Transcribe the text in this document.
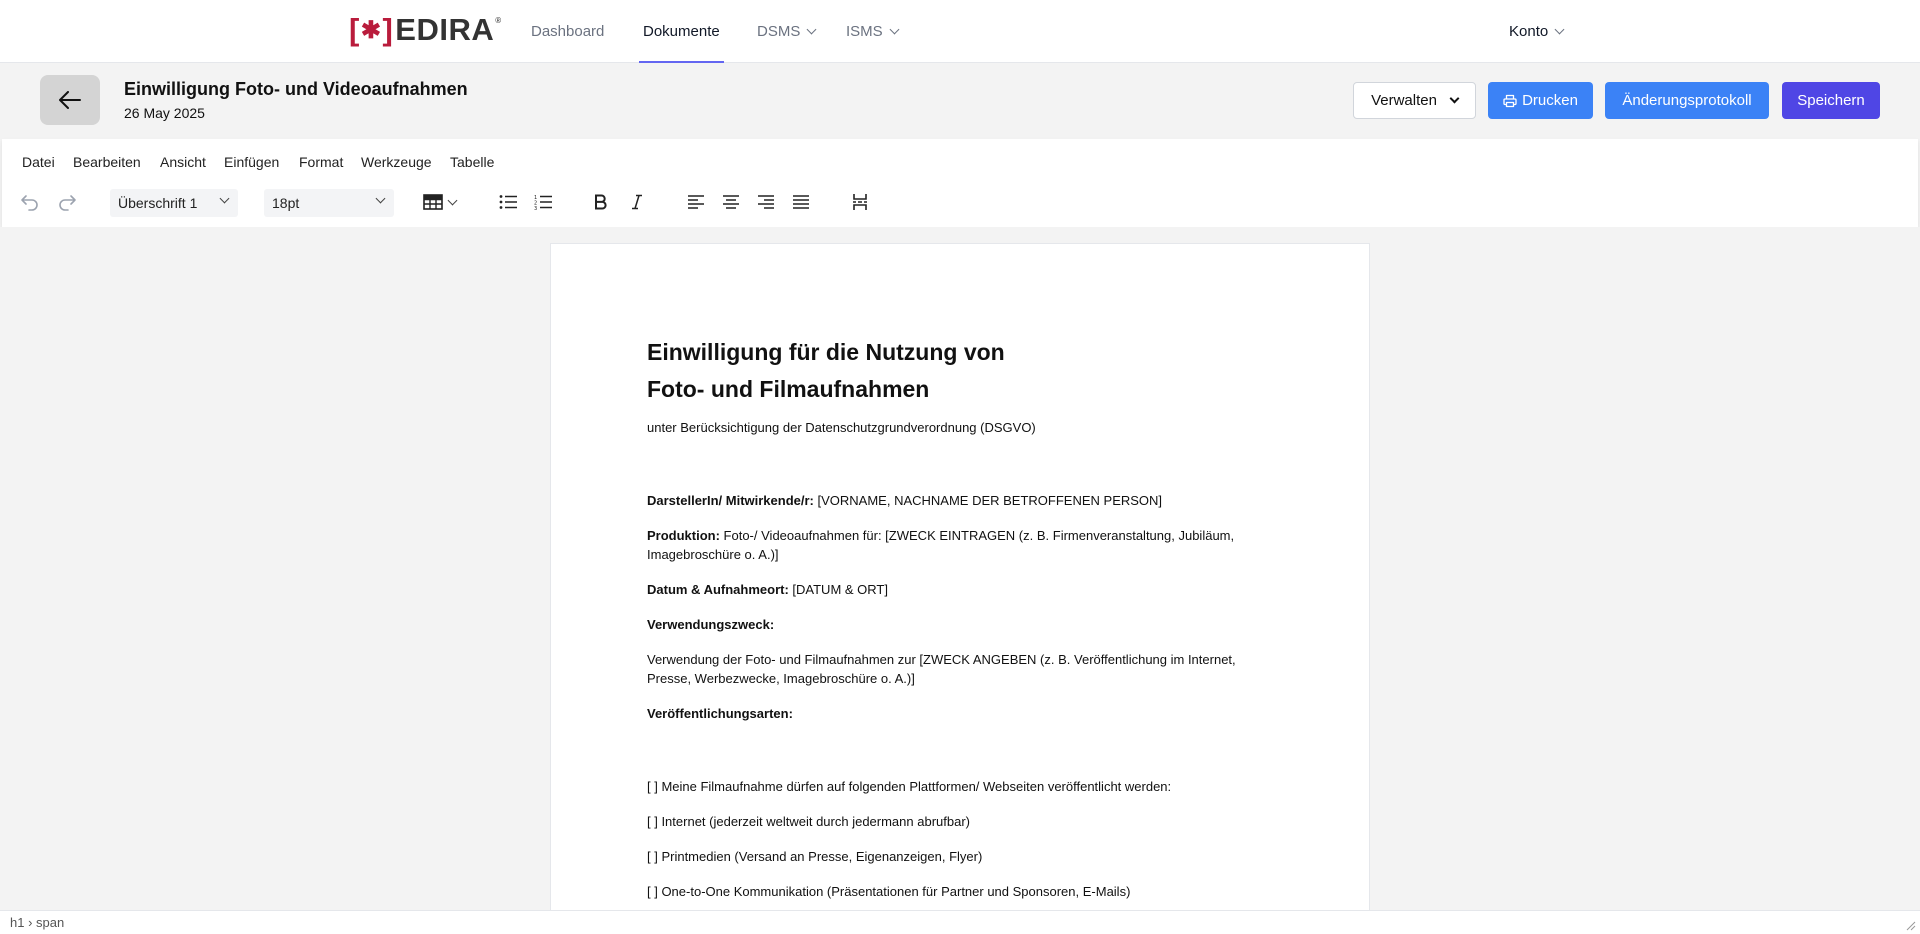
[ ✱ ] EDIRA®
Dashboard	Dokumente DSMS	ISMS	Konto
Einwilligung Foto- und Videoaufnahmen
26 May 2025
Verwalten	Drucken	Änderungsprotokoll	Speichern
Datei Bearbeiten Ansicht Einfügen Format Werkzeuge Tabelle
Überschrift 1	18pt	1
2
3
Einwilligung für die Nutzung von
Foto- und Filmaufnahmen

unter Berücksichtigung der Datenschutzgrundverordnung (DSGVO)

DarstellerIn/ Mitwirkende/r: [VORNAME, NACHNAME DER BETROFFENEN PERSON]

Produktion: Foto-/ Videoaufnahmen für: [ZWECK EINTRAGEN (z. B. Firmenveranstaltung, Jubiläum, Imagebroschüre o. A.)]

Datum & Aufnahmeort: [DATUM & ORT]

Verwendungszweck:

Verwendung der Foto- und Filmaufnahmen zur [ZWECK ANGEBEN (z. B. Veröffentlichung im Internet, Presse, Werbezwecke, Imagebroschüre o. A.)]

Veröffentlichungsarten:

[ ] Meine Filmaufnahme dürfen auf folgenden Plattformen/ Webseiten veröffentlicht werden:

[ ] Internet (jederzeit weltweit durch jedermann abrufbar)

[ ] Printmedien (Versand an Presse, Eigenanzeigen, Flyer)

[ ] One-to-One Kommunikation (Präsentationen für Partner und Sponsoren, E-Mails)

h1 › span
